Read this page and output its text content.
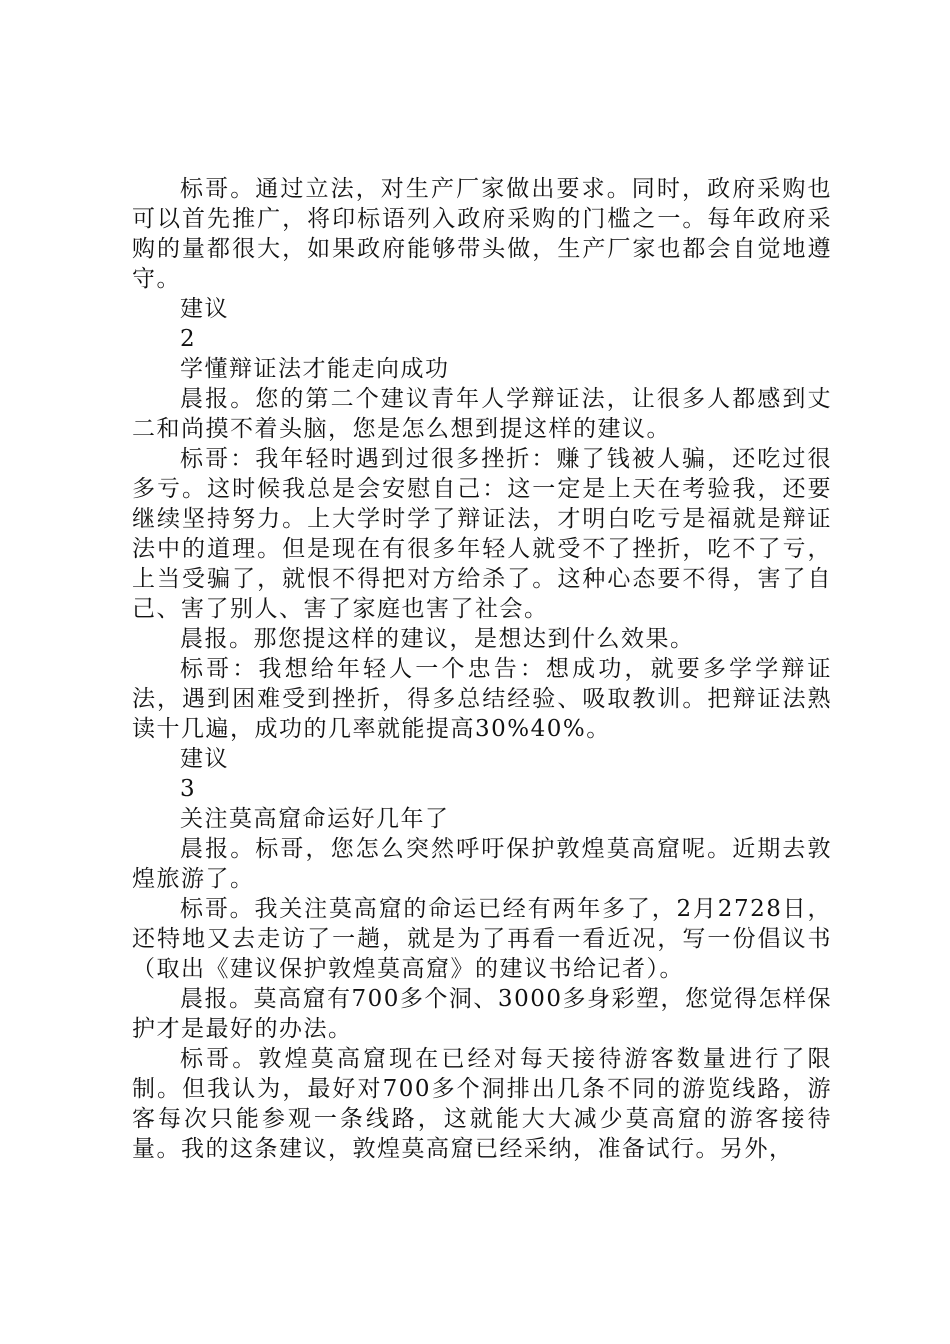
标哥。通过立法，对生产厂家做出要求。同时，政府采购也可以首先推广，将印标语列入政府采购的门槛之一。每年政府采购的量都很大，如果政府能够带头做，生产厂家也都会自觉地遵守。

建议

2

学懂辩证法才能走向成功

晨报。您的第二个建议青年人学辩证法，让很多人都感到丈二和尚摸不着头脑，您是怎么想到提这样的建议。

标哥：我年轻时遇到过很多挫折：赚了钱被人骗，还吃过很多亏。这时候我总是会安慰自己：这一定是上天在考验我，还要继续坚持努力。上大学时学了辩证法，才明白吃亏是福就是辩证法中的道理。但是现在有很多年轻人就受不了挫折，吃不了亏，上当受骗了，就恨不得把对方给杀了。这种心态要不得，害了自己、害了别人、害了家庭也害了社会。

晨报。那您提这样的建议，是想达到什么效果。

标哥：我想给年轻人一个忠告：想成功，就要多学学辩证法，遇到困难受到挫折，得多总结经验、吸取教训。把辩证法熟读十几遍，成功的几率就能提高30%40%。

建议

3

关注莫高窟命运好几年了

晨报。标哥，您怎么突然呼吁保护敦煌莫高窟呢。近期去敦煌旅游了。

标哥。我关注莫高窟的命运已经有两年多了，2月2728日，还特地又去走访了一趟，就是为了再看一看近况，写一份倡议书（取出《建议保护敦煌莫高窟》的建议书给记者）。

晨报。莫高窟有700多个洞、3000多身彩塑，您觉得怎样保护才是最好的办法。

标哥。敦煌莫高窟现在已经对每天接待游客数量进行了限制。但我认为，最好对700多个洞排出几条不同的游览线路，游客每次只能参观一条线路，这就能大大减少莫高窟的游客接待量。我的这条建议，敦煌莫高窟已经采纳，准备试行。另外，
